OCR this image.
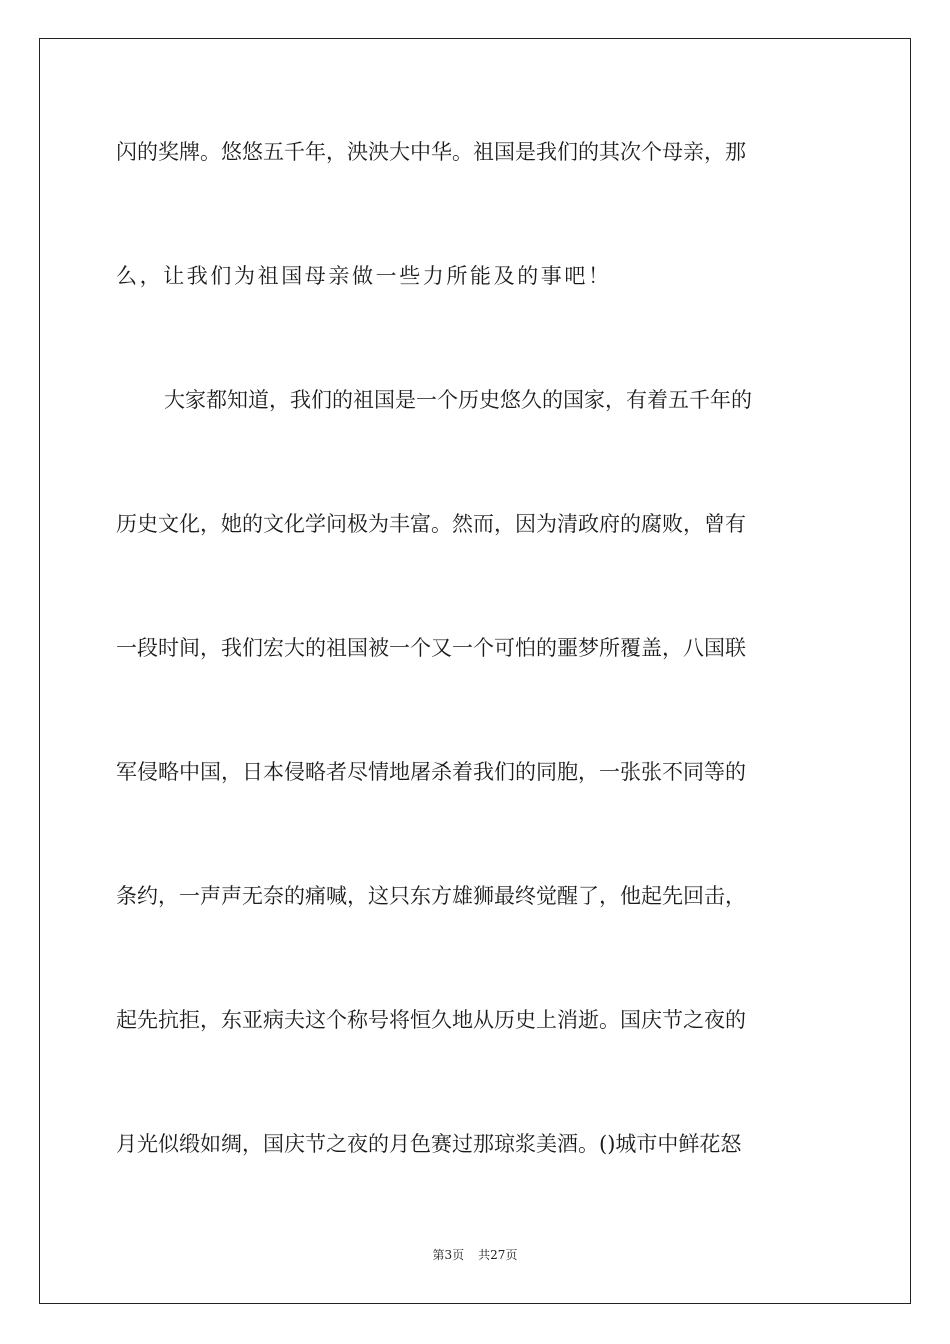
闪的奖牌。悠悠五千年，泱泱大中华。祖国是我们的其次个母亲，那
么，让我们为祖国母亲做一些力所能及的事吧！
大家都知道，我们的祖国是一个历史悠久的国家，有着五千年的
历史文化，她的文化学问极为丰富。然而，因为清政府的腐败，曾有
一段时间，我们宏大的祖国被一个又一个可怕的噩梦所覆盖，八国联
军侵略中国，日本侵略者尽情地屠杀着我们的同胞，一张张不同等的
条约，一声声无奈的痛喊，这只东方雄狮最终觉醒了，他起先回击，
起先抗拒，东亚病夫这个称号将恒久地从历史上消逝。国庆节之夜的
月光似缎如绸，国庆节之夜的月色赛过那琼浆美酒。()城市中鲜花怒
第3页 共27页
